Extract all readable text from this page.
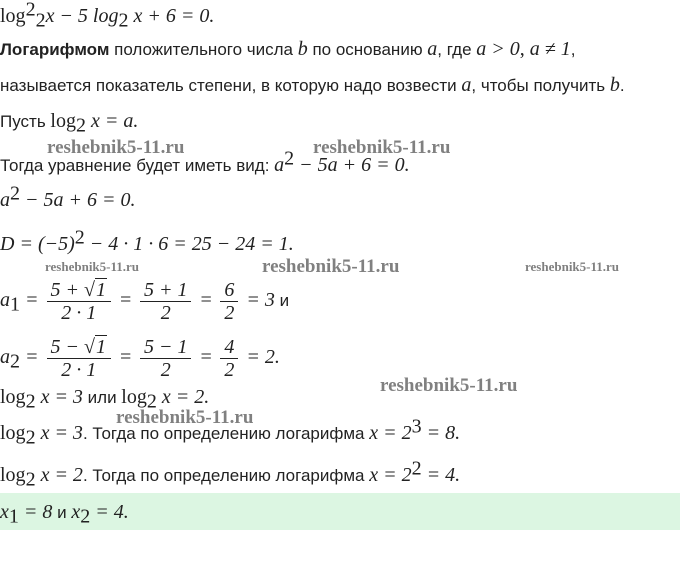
$\log^2_2x - 5$ $\log_2 x + 6 = 0$.
Логарифмом положительного числа b по основанию a, где a > 0, a ≠ 1,
называется показатель степени, в которую надо возвести a, чтобы получить b.
Пусть $\log_2 x = a$.
Тогда уравнение будет иметь вид: $a^2 - 5a + 6 = 0$.
$a^2 - 5a + 6 = 0$.
$D = (-5)^2 - 4 \cdot 1 \cdot 6 = 25 - 24 = 1$.
$a_1 = \frac{5 + √1}{2 \cdot 1} = \frac{5 + 1}{2} = \frac{6}{2} = 3$ и
$a_2 = \frac{5 - √1}{2 \cdot 1} = \frac{5 - 1}{2} = \frac{4}{2} = 2$.
$\log_2 x = 3$ или $\log_2 x = 2$.
$\log_2 x = 3$. Тогда по определению логарифма $x = 2^3 = 8$.
$\log_2 x = 2$. Тогда по определению логарифма $x = 2^2 = 4$.
$x_1 = 8$ и $x_2 = 4$.
reshebnik5-11.ru	reshebnik5-11.ru
reshebnik5-11.ru	reshebnik5-11.ru	reshebnik5-11.ru
reshebnik5-11.ru
reshebnik5-11.ru
